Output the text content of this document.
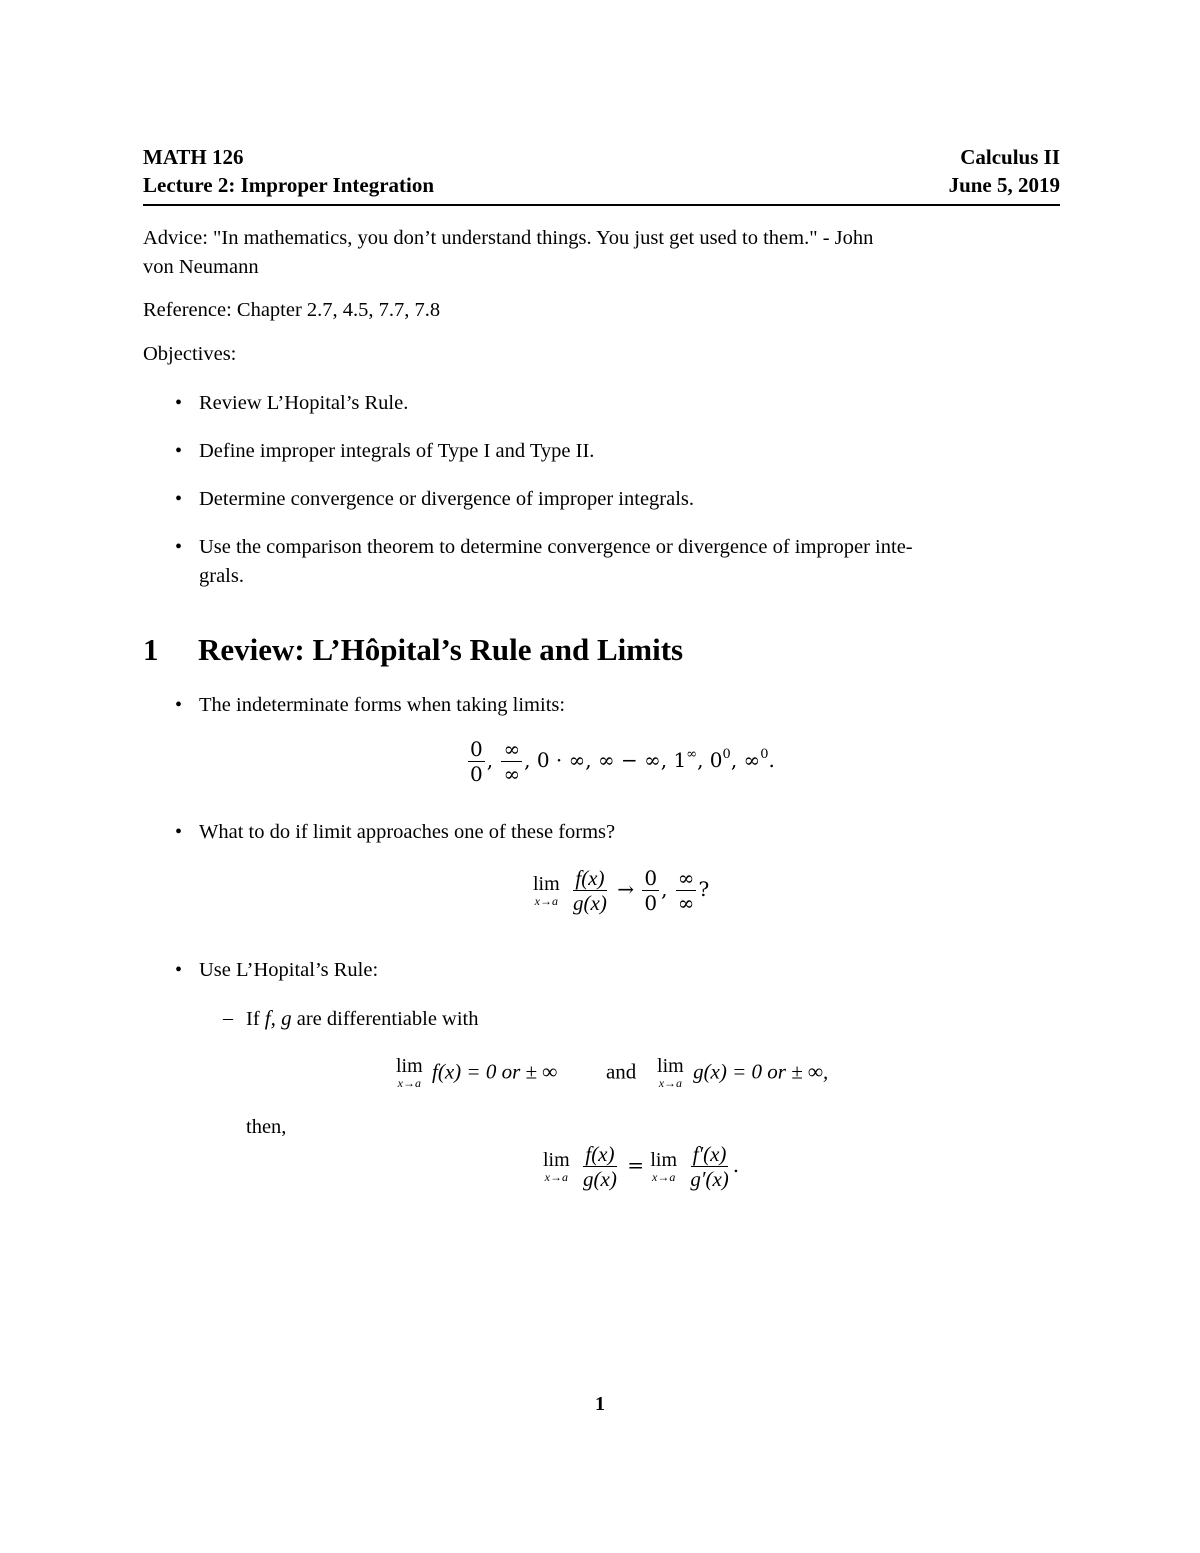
MATH 126	Calculus II
Lecture 2: Improper Integration	June 5, 2019
Advice: "In mathematics, you don’t understand things. You just get used to them." - John
von Neumann
Reference: Chapter 2.7, 4.5, 7.7, 7.8
Objectives:
• Review L’Hopital’s Rule.
• Define improper integrals of Type I and Type II.
• Determine convergence or divergence of improper integrals.
• Use the comparison theorem to determine convergence or divergence of improper inte-
grals.
1 Review: L’Hôpital’s Rule and Limits
• The indeterminate forms when taking limits:
$\frac{0}{0}$ , $\frac{\infty}{\infty}$ , 0 · ∞, ∞ − ∞, 1∞, $0^0$, ∞$^0$.
• What to do if limit approaches one of these forms?
lim
x→a
$\frac{f(x)}{g(x)} \to \frac{0}{0}$ , $\frac{\infty}{\infty}$ ?
• Use L’Hopital’s Rule:
– If f, g are differentiable with
lim
x→a f(x) = 0 or ± ∞ and lim
x→a g(x) = 0 or ± ∞,
then,
lim
x→a
$\frac{f(x)}{g(x)} = \lim$
x→a
$\frac{f'(x)}{g'(x)}$ .
1
